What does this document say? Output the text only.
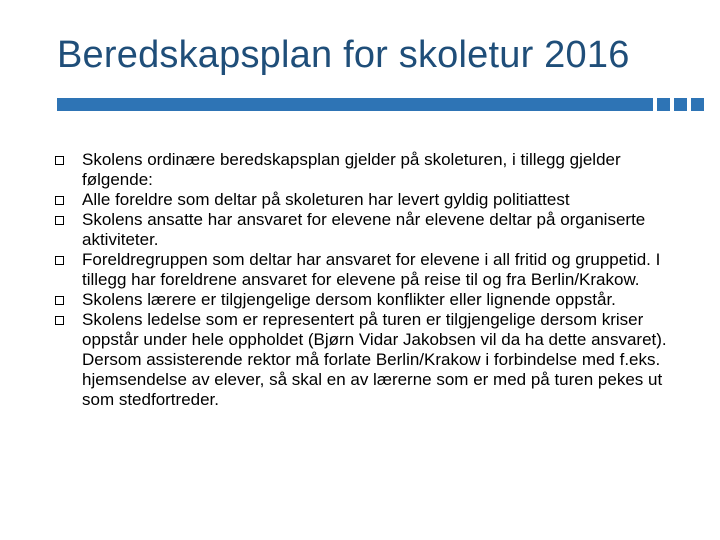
Beredskapsplan for skoletur 2016
Skolens ordinære beredskapsplan gjelder på skoleturen, i tillegg gjelder følgende:
Alle foreldre som deltar på skoleturen har levert gyldig politiattest
Skolens ansatte har ansvaret for elevene når elevene deltar på organiserte aktiviteter.
Foreldregruppen som deltar har ansvaret for elevene i all fritid og gruppetid. I tillegg har foreldrene ansvaret for elevene på reise til og fra Berlin/Krakow.
Skolens lærere er tilgjengelige dersom konflikter eller lignende oppstår.
Skolens ledelse som er representert på turen er tilgjengelige dersom kriser oppstår under hele oppholdet (Bjørn Vidar Jakobsen vil da ha dette ansvaret). Dersom assisterende rektor må forlate Berlin/Krakow i forbindelse med f.eks. hjemsendelse av elever, så skal en av lærerne som er med på turen pekes ut som stedfortreder.
